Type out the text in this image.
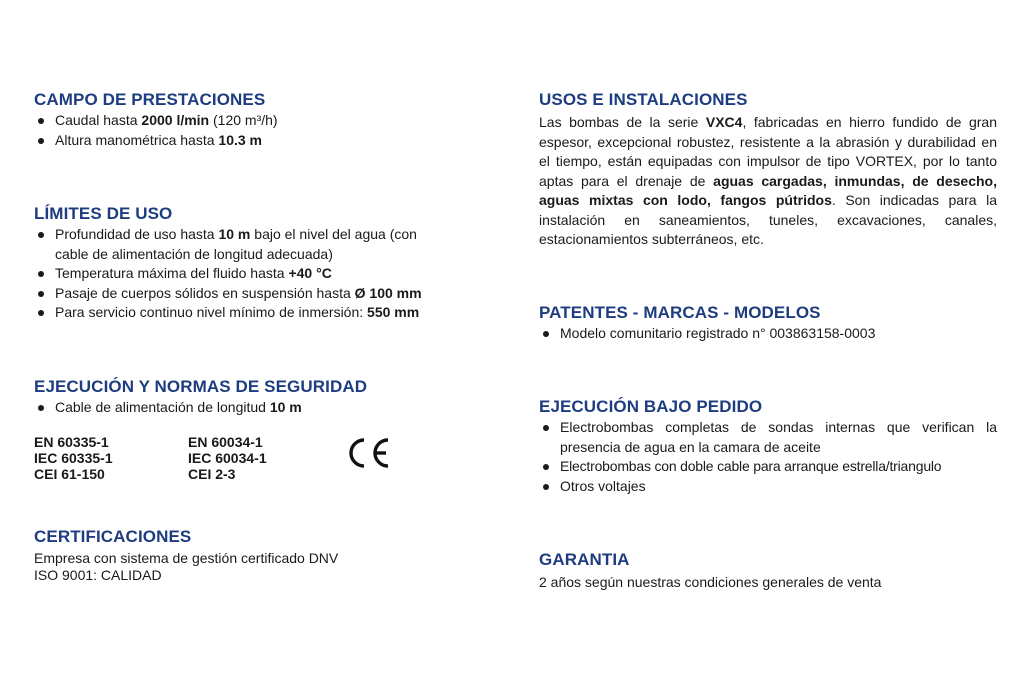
CAMPO DE PRESTACIONES
Caudal hasta 2000 l/min (120 m³/h)
Altura manométrica hasta 10.3 m
LÍMITES DE USO
Profundidad de uso hasta 10 m bajo el nivel del agua (con cable de alimentación de longitud adecuada)
Temperatura máxima del fluido hasta +40 °C
Pasaje de cuerpos sólidos en suspensión hasta Ø 100 mm
Para servicio continuo nivel mínimo de inmersión: 550 mm
EJECUCIÓN Y NORMAS DE SEGURIDAD
Cable de alimentación de longitud 10 m
EN 60335-1
IEC 60335-1
CEI 61-150
EN 60034-1
IEC 60034-1
CEI 2-3
CERTIFICACIONES
Empresa con sistema de gestión certificado DNV
ISO 9001: CALIDAD
USOS E INSTALACIONES

Las bombas de la serie VXC4, fabricadas en hierro fundido de gran espesor, excepcional robustez, resistente a la abrasión y durabilidad en el tiempo, están equipadas con impulsor de tipo VORTEX, por lo tanto aptas para el drenaje de aguas cargadas, inmundas, de desecho, aguas mixtas con lodo, fangos pútridos. Son indicadas para la instalación en saneamientos, tuneles, excavaciones, canales, estacionamientos subterráneos, etc.

PATENTES - MARCAS - MODELOS
Modelo comunitario registrado n° 003863158-0003
EJECUCIÓN BAJO PEDIDO
Electrobombas completas de sondas internas que verifican la presencia de agua en la camara de aceite
Electrobombas con doble cable para arranque estrella/triangulo
Otros voltajes
GARANTIA
2 años según nuestras condiciones generales de venta
